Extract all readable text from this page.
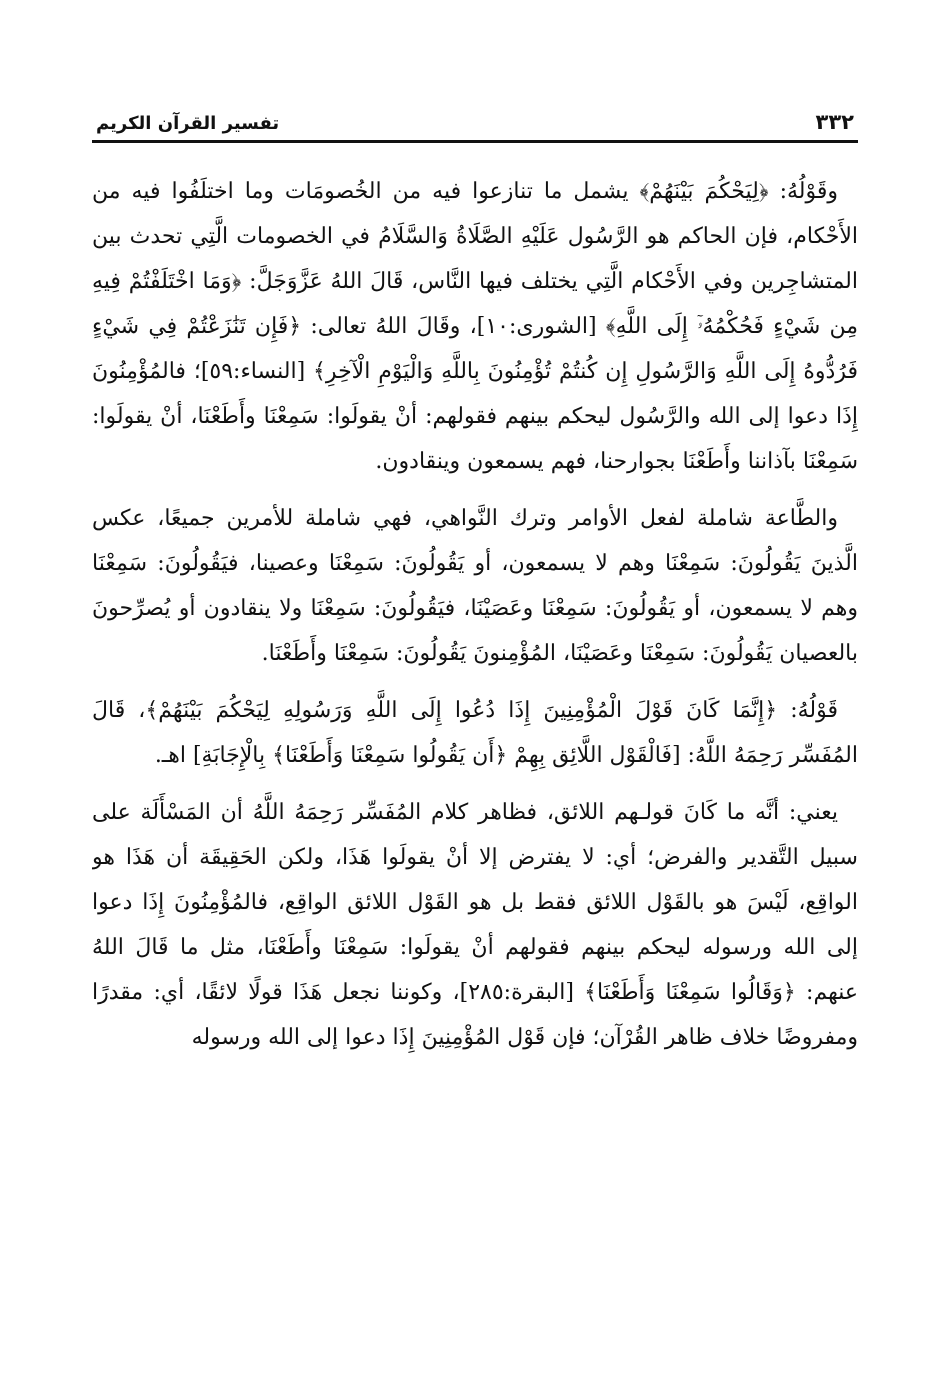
٣٣٢
تفسير القرآن الكريم

وقَوْلُهُ: ﴿لِيَحْكُمَ بَيْنَهُمْ﴾ يشمل ما تنازعوا فيه من الخُصومَات وما اختلَفُوا فيه من الأَحْكام، فإن الحاكم هو الرَّسُول عَلَيْهِ الصَّلَاةُ وَالسَّلَامُ في الخصومات الَّتِي تحدث بين المتشاجِرين وفي الأَحْكام الَّتِي يختلف فيها النَّاس، قَالَ اللهُ عَزَّوَجَلَّ: ﴿وَمَا اخْتَلَفْتُمْ فِيهِ مِن شَيْءٍ فَحُكْمُهُۥٓ إِلَى اللَّهِ﴾ [الشورى:١٠]، وقَالَ اللهُ تعالى: ﴿فَإِن تَنَٰزَعْتُمْ فِي شَيْءٍ فَرُدُّوهُ إِلَى اللَّهِ وَالرَّسُولِ إِن كُنتُمْ تُؤْمِنُونَ بِاللَّهِ وَالْيَوْمِ الْآخِرِ﴾ [النساء:٥٩]؛ فالمُؤْمِنُونَ إِذَا دعوا إلى الله والرَّسُول ليحكم بينهم فقولهم: أنْ يقولَوا: سَمِعْنَا وأَطَعْنَا، أنْ يقولَوا: سَمِعْنَا بآذاننا وأَطَعْنَا بجوارحنا، فهم يسمعون وينقادون.

والطَّاعة شاملة لفعل الأوامر وترك النَّواهي، فهي شاملة للأمرين جميعًا، عكس الَّذينَ يَقُولُونَ: سَمِعْنَا وهم لا يسمعون، أو يَقُولُونَ: سَمِعْنَا وعصينا، فيَقُولُونَ: سَمِعْنَا وهم لا يسمعون، أو يَقُولُونَ: سَمِعْنَا وعَصَيْنَا، فيَقُولُونَ: سَمِعْنَا ولا ينقادون أو يُصرِّحونَ بالعصيان يَقُولُونَ: سَمِعْنَا وعَصَيْنَا، المُؤْمِنونَ يَقُولُونَ: سَمِعْنَا وأَطَعْنَا.

قَوْلُهُ: ﴿إِنَّمَا كَانَ قَوْلَ الْمُؤْمِنِينَ إِذَا دُعُوا إِلَى اللَّهِ وَرَسُولِهِ لِيَحْكُمَ بَيْنَهُمْ﴾، قَالَ المُفَسِّر رَحِمَهُ اللَّهُ: [فَالْقَوْل اللَّائِق بِهِمْ ﴿أَن يَقُولُوا سَمِعْنَا وَأَطَعْنَا﴾ بِالْإِجَابَةِ] اهـ.

يعني: أنَّه ما كَانَ قولـهم اللائق، فظاهر كلام المُفَسِّر رَحِمَهُ اللَّهُ أن المَسْأَلَة على سبيل التَّقدير والفرض؛ أي: لا يفترض إلا أنْ يقولَوا هَذَا، ولكن الحَقِيقَة أن هَذَا هو الواقِع، لَيْسَ هو بالقَوْل اللائق فقط بل هو القَوْل اللائق الواقِع، فالمُؤْمِنُونَ إِذَا دعوا إلى الله ورسوله ليحكم بينهم فقولهم أنْ يقولَوا: سَمِعْنَا وأَطَعْنَا، مثل ما قَالَ اللهُ عنهم: ﴿وَقَالُوا سَمِعْنَا وَأَطَعْنَا﴾ [البقرة:٢٨٥]، وكوننا نجعل هَذَا قولًا لائقًا، أي: مقدرًا ومفروضًا خلاف ظاهر القُرْآن؛ فإن قَوْل المُؤْمِنِينَ إِذَا دعوا إلى الله ورسوله
